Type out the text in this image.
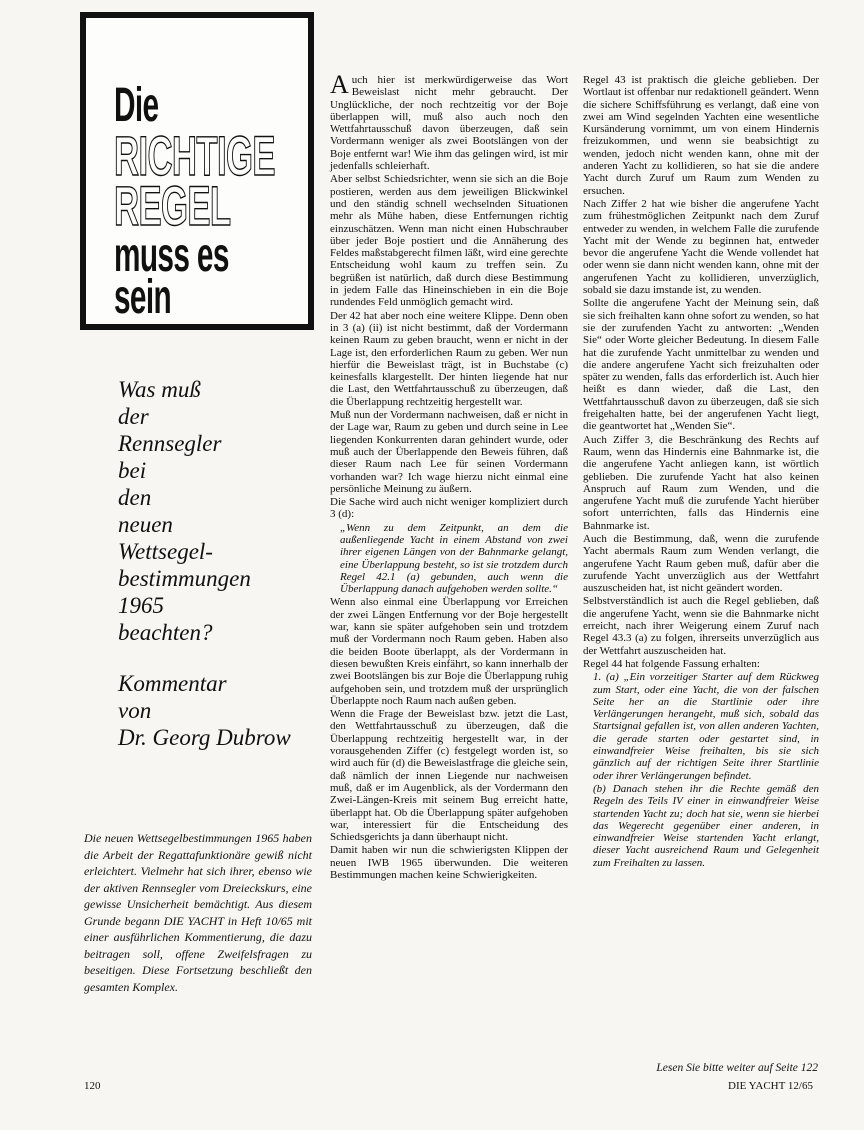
Die
RICHTIGE
REGEL
muss es
sein
Was muß
der
Rennsegler
bei
den
neuen
Wettsegel-
bestimmungen
1965
beachten?
Kommentar
von
Dr. Georg Dubrow
Die neuen Wettsegelbestimmungen 1965 haben die Arbeit der Regattafunktionäre gewiß nicht erleichtert. Vielmehr hat sich ihrer, ebenso wie der aktiven Rennsegler vom Dreieckskurs, eine gewisse Unsicherheit bemächtigt. Aus diesem Grunde begann DIE YACHT in Heft 10/65 mit einer ausführlichen Kommentierung, die dazu beitragen soll, offene Zweifelsfragen zu beseitigen. Diese Fortsetzung beschließt den gesamten Komplex.

Auch hier ist merkwürdigerweise das Wort Beweislast nicht mehr gebraucht. Der Unglückliche, der noch rechtzeitig vor der Boje überlappen will, muß also auch noch den Wettfahrtausschuß davon überzeugen, daß sein Vordermann weniger als zwei Bootslängen von der Boje entfernt war! Wie ihm das gelingen wird, ist mir jedenfalls schleierhaft.

Aber selbst Schiedsrichter, wenn sie sich an die Boje postieren, werden aus dem jeweiligen Blickwinkel und den ständig schnell wechselnden Situationen mehr als Mühe haben, diese Entfernungen richtig einzuschätzen. Wenn man nicht einen Hubschrauber über jeder Boje postiert und die Annäherung des Feldes maßstabgerecht filmen läßt, wird eine gerechte Entscheidung wohl kaum zu treffen sein. Zu begrüßen ist natürlich, daß durch diese Bestimmung in jedem Falle das Hineinschieben in ein die Boje rundendes Feld unmöglich gemacht wird.

Der 42 hat aber noch eine weitere Klippe. Denn oben in 3 (a) (ii) ist nicht bestimmt, daß der Vordermann keinen Raum zu geben braucht, wenn er nicht in der Lage ist, den erforderlichen Raum zu geben. Wer nun hierfür die Beweislast trägt, ist in Buchstabe (c) keinesfalls klargestellt. Der hinten liegende hat nur die Last, den Wettfahrtausschuß zu überzeugen, daß die Überlappung rechtzeitig hergestellt war.

Muß nun der Vordermann nachweisen, daß er nicht in der Lage war, Raum zu geben und durch seine in Lee liegenden Konkurrenten daran gehindert wurde, oder muß auch der Überlappende den Beweis führen, daß dieser Raum nach Lee für seinen Vordermann vorhanden war? Ich wage hierzu nicht einmal eine persönliche Meinung zu äußern.

Die Sache wird auch nicht weniger kompliziert durch 3 (d):

„Wenn zu dem Zeitpunkt, an dem die außenliegende Yacht in einem Abstand von zwei ihrer eigenen Längen von der Bahnmarke gelangt, eine Überlappung besteht, so ist sie trotzdem durch Regel 42.1 (a) gebunden, auch wenn die Überlappung danach aufgehoben werden sollte.“

Wenn also einmal eine Überlappung vor Erreichen der zwei Längen Entfernung vor der Boje hergestellt war, kann sie später aufgehoben sein und trotzdem muß der Vordermann noch Raum geben. Haben also die beiden Boote überlappt, als der Vordermann in diesen bewußten Kreis einfährt, so kann innerhalb der zwei Bootslängen bis zur Boje die Überlappung ruhig aufgehoben sein, und trotzdem muß der ursprünglich Überlappte noch Raum nach außen geben.

Wenn die Frage der Beweislast bzw. jetzt die Last, den Wettfahrtausschuß zu überzeugen, daß die Überlappung rechtzeitig hergestellt war, in der vorausgehenden Ziffer (c) festgelegt worden ist, so wird auch für (d) die Beweislastfrage die gleiche sein, daß nämlich der innen Liegende nur nachweisen muß, daß er im Augenblick, als der Vordermann den Zwei-Längen-Kreis mit seinem Bug erreicht hatte, überlappt hat. Ob die Überlappung später aufgehoben war, interessiert für die Entscheidung des Schiedsgerichts ja dann überhaupt nicht.

Damit haben wir nun die schwierigsten Klippen der neuen IWB 1965 überwunden. Die weiteren Bestimmungen machen keine Schwierigkeiten.

Regel 43 ist praktisch die gleiche geblieben. Der Wortlaut ist offenbar nur redaktionell geändert. Wenn die sichere Schiffsführung es verlangt, daß eine von zwei am Wind segelnden Yachten eine wesentliche Kursänderung vornimmt, um von einem Hindernis freizukommen, und wenn sie beabsichtigt zu wenden, jedoch nicht wenden kann, ohne mit der anderen Yacht zu kollidieren, so hat sie die andere Yacht durch Zuruf um Raum zum Wenden zu ersuchen.

Nach Ziffer 2 hat wie bisher die angerufene Yacht zum frühestmöglichen Zeitpunkt nach dem Zuruf entweder zu wenden, in welchem Falle die zurufende Yacht mit der Wende zu beginnen hat, entweder bevor die angerufene Yacht die Wende vollendet hat oder wenn sie dann nicht wenden kann, ohne mit der angerufenen Yacht zu kollidieren, unverzüglich, sobald sie dazu imstande ist, zu wenden.

Sollte die angerufene Yacht der Meinung sein, daß sie sich freihalten kann ohne sofort zu wenden, so hat sie der zurufenden Yacht zu antworten: „Wenden Sie“ oder Worte gleicher Bedeutung. In diesem Falle hat die zurufende Yacht unmittelbar zu wenden und die andere angerufene Yacht sich freizuhalten oder später zu wenden, falls das erforderlich ist. Auch hier heißt es dann wieder, daß die Last, den Wettfahrtausschuß davon zu überzeugen, daß sie sich freigehalten hatte, bei der angerufenen Yacht liegt, die geantwortet hat „Wenden Sie“.

Auch Ziffer 3, die Beschränkung des Rechts auf Raum, wenn das Hindernis eine Bahnmarke ist, die die angerufene Yacht anliegen kann, ist wörtlich geblieben. Die zurufende Yacht hat also keinen Anspruch auf Raum zum Wenden, und die angerufene Yacht muß die zurufende Yacht hierüber sofort unterrichten, falls das Hindernis eine Bahnmarke ist.

Auch die Bestimmung, daß, wenn die zurufende Yacht abermals Raum zum Wenden verlangt, die angerufene Yacht Raum geben muß, dafür aber die zurufende Yacht unverzüglich aus der Wettfahrt auszuscheiden hat, ist nicht geändert worden.

Selbstverständlich ist auch die Regel geblieben, daß die angerufene Yacht, wenn sie die Bahnmarke nicht erreicht, nach ihrer Weigerung einem Zuruf nach Regel 43.3 (a) zu folgen, ihrerseits unverzüglich aus der Wettfahrt auszuscheiden hat.

Regel 44 hat folgende Fassung erhalten:

1. (a) „Ein vorzeitiger Starter auf dem Rückweg zum Start, oder eine Yacht, die von der falschen Seite her an die Startlinie oder ihre Verlängerungen herangeht, muß sich, sobald das Startsignal gefallen ist, von allen anderen Yachten, die gerade starten oder gestartet sind, in einwandfreier Weise freihalten, bis sie sich gänzlich auf der richtigen Seite ihrer Startlinie oder ihrer Verlängerungen befindet.

(b) Danach stehen ihr die Rechte gemäß den Regeln des Teils IV einer in einwandfreier Weise startenden Yacht zu; doch hat sie, wenn sie hierbei das Wegerecht gegenüber einer anderen, in einwandfreier Weise startenden Yacht erlangt, dieser Yacht ausreichend Raum und Gelegenheit zum Freihalten zu lassen.

Lesen Sie bitte weiter auf Seite 122
120	DIE YACHT 12/65
